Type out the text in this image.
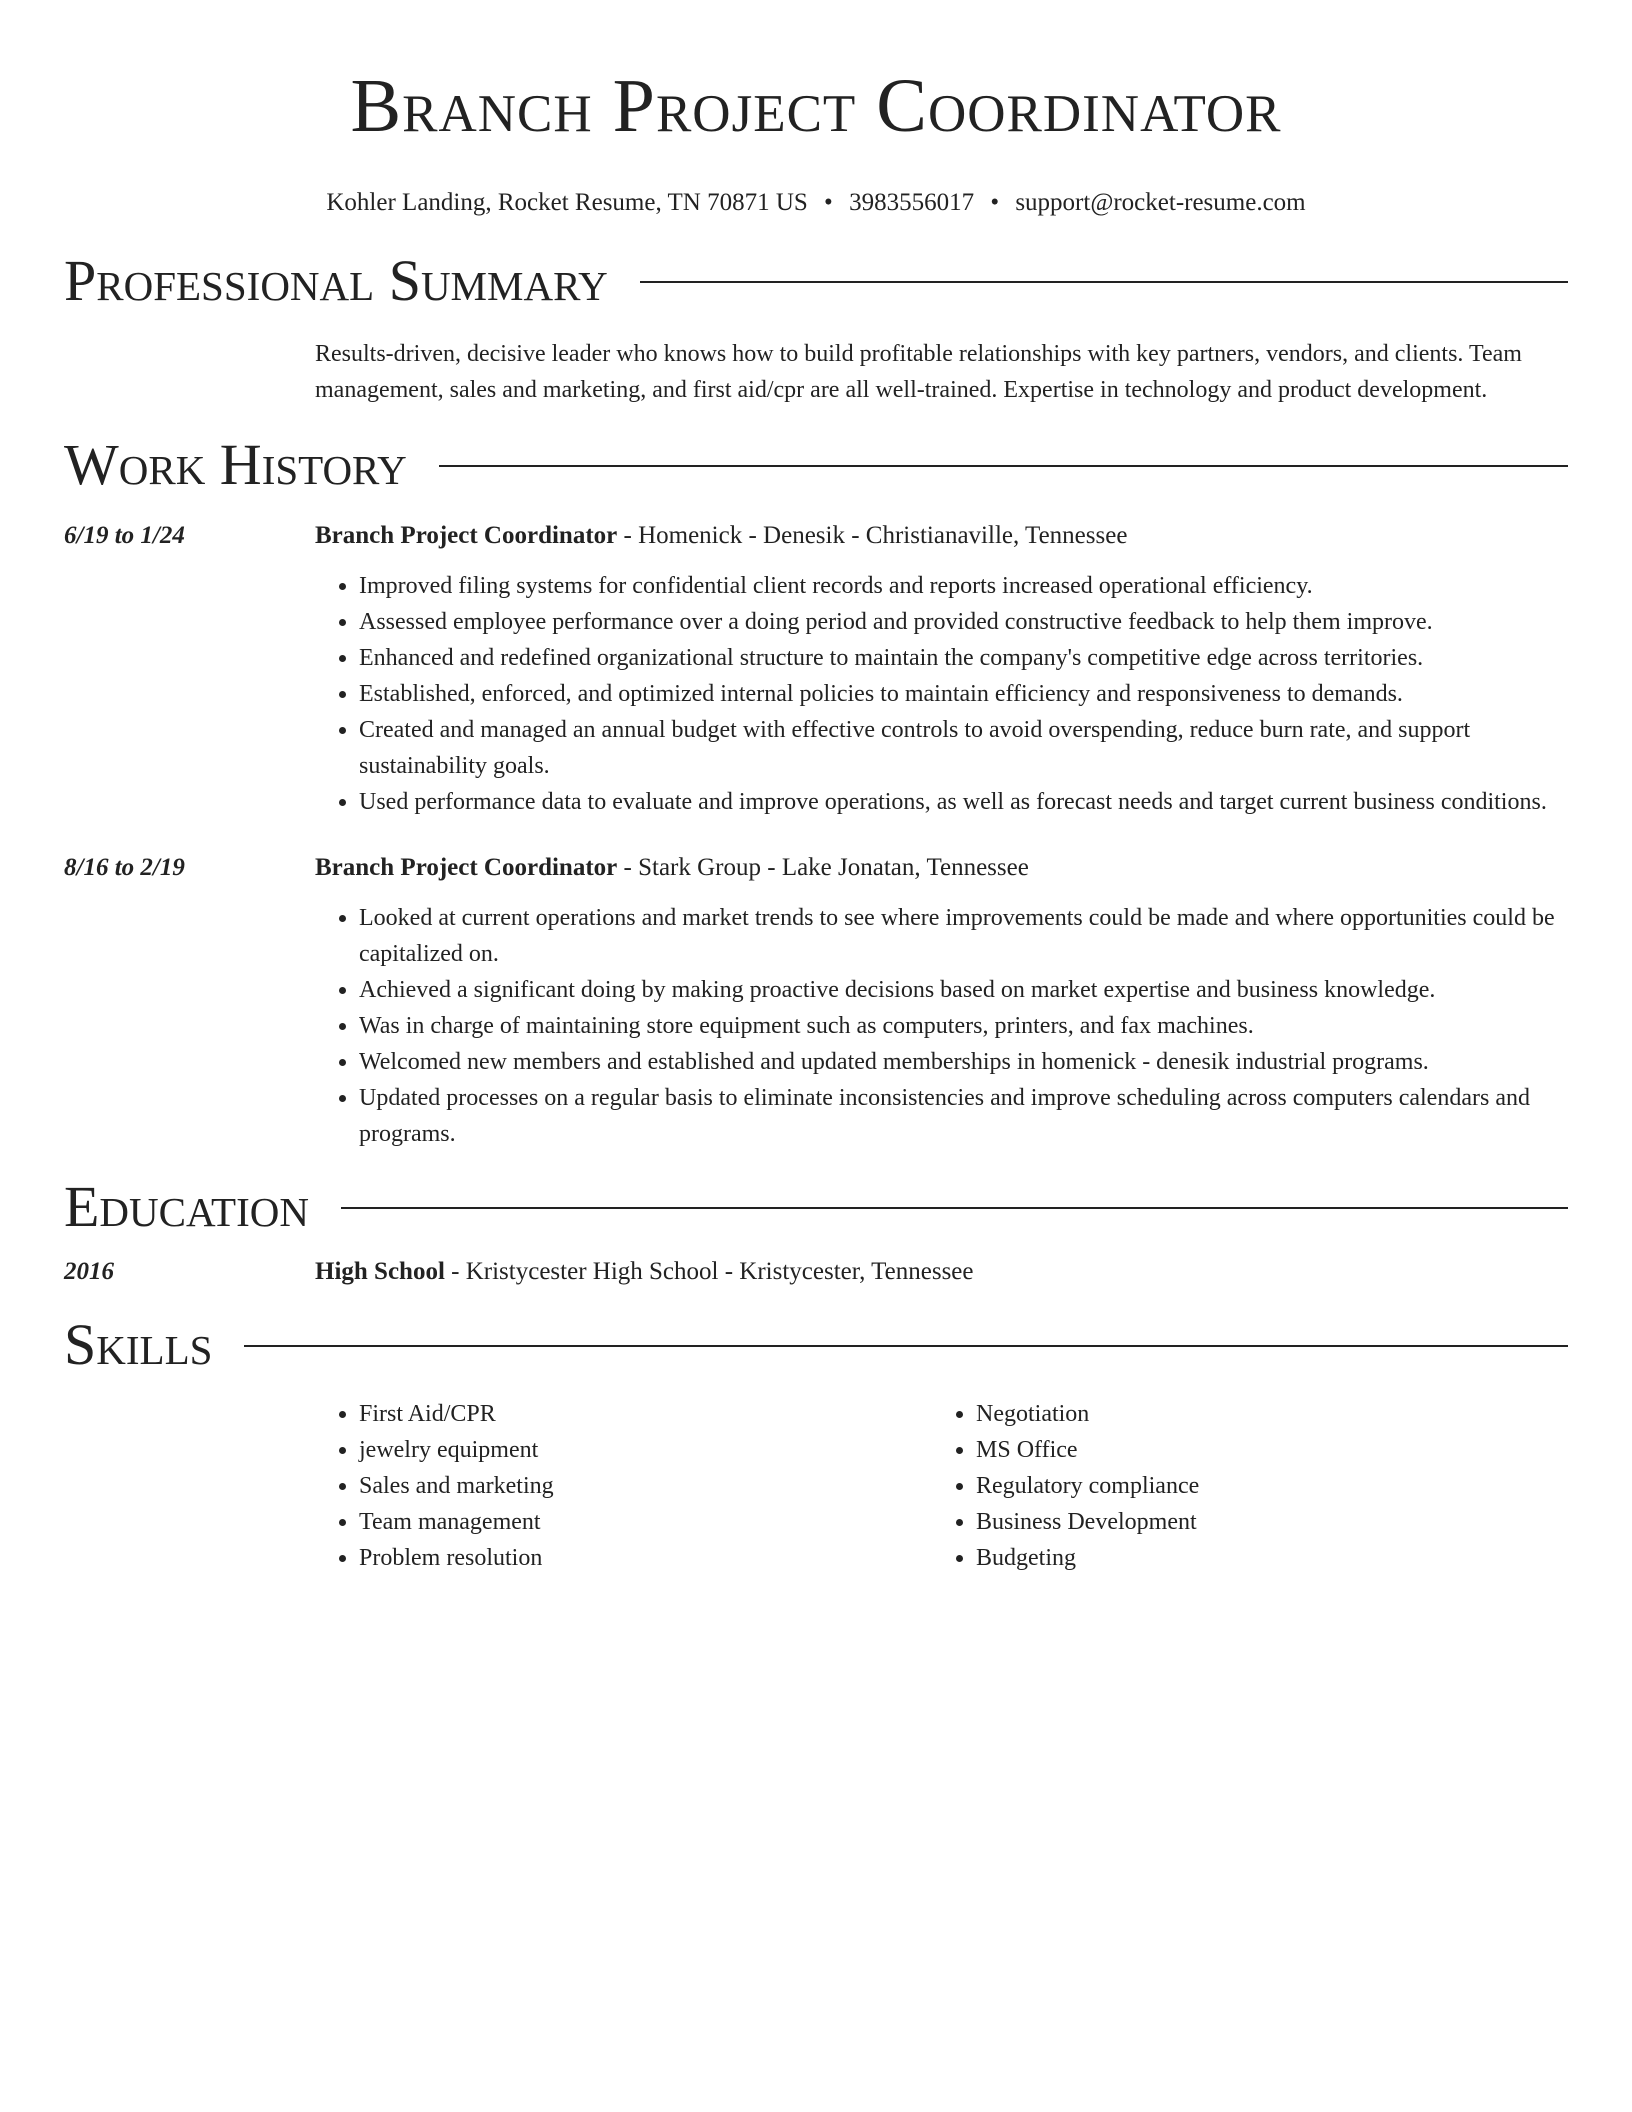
Branch Project Coordinator
Kohler Landing, Rocket Resume, TN 70871 US • 3983556017 • support@rocket-resume.com
Professional Summary
Results-driven, decisive leader who knows how to build profitable relationships with key partners, vendors, and clients. Team management, sales and marketing, and first aid/cpr are all well-trained. Expertise in technology and product development.
Work History
6/19 to 1/24	Branch Project Coordinator - Homenick - Denesik - Christianaville, Tennessee
• Improved filing systems for confidential client records and reports increased operational efficiency.
• Assessed employee performance over a doing period and provided constructive feedback to help them improve.
• Enhanced and redefined organizational structure to maintain the company's competitive edge across territories.
• Established, enforced, and optimized internal policies to maintain efficiency and responsiveness to demands.
• Created and managed an annual budget with effective controls to avoid overspending, reduce burn rate, and support sustainability goals.
• Used performance data to evaluate and improve operations, as well as forecast needs and target current business conditions.
8/16 to 2/19	Branch Project Coordinator - Stark Group - Lake Jonatan, Tennessee
• Looked at current operations and market trends to see where improvements could be made and where opportunities could be capitalized on.
• Achieved a significant doing by making proactive decisions based on market expertise and business knowledge.
• Was in charge of maintaining store equipment such as computers, printers, and fax machines.
• Welcomed new members and established and updated memberships in homenick - denesik industrial programs.
• Updated processes on a regular basis to eliminate inconsistencies and improve scheduling across computers calendars and programs.
Education
2016	High School - Kristycester High School - Kristycester, Tennessee
Skills
• First Aid/CPR
• jewelry equipment
• Sales and marketing
• Team management
• Problem resolution
• Negotiation
• MS Office
• Regulatory compliance
• Business Development
• Budgeting
